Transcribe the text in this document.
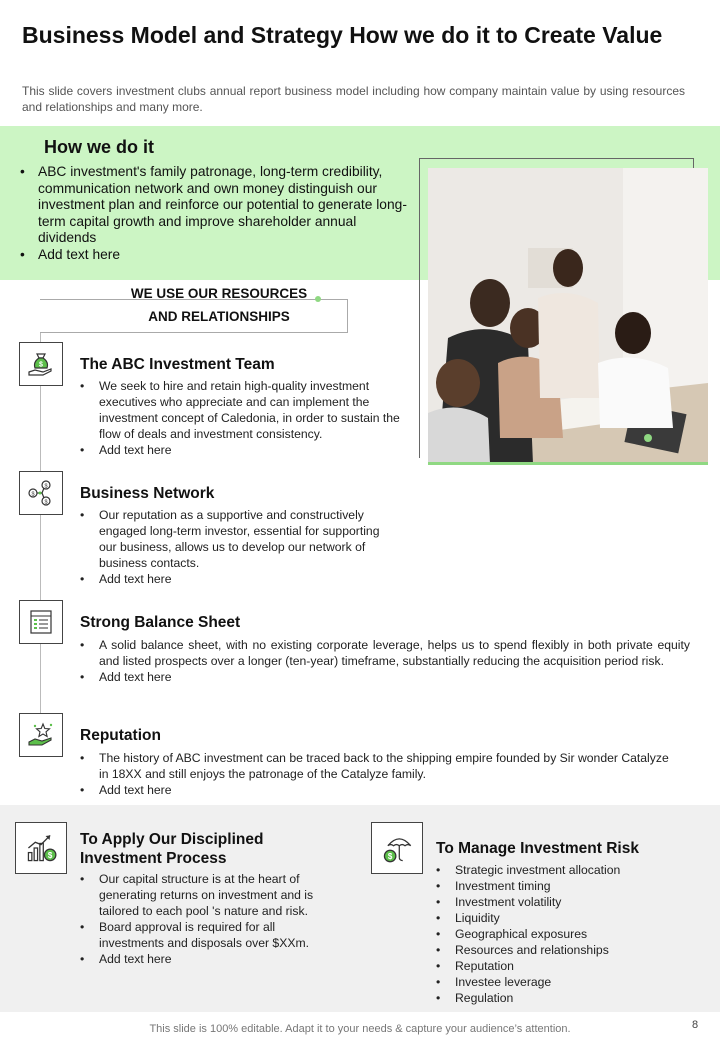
Business Model and Strategy How we do it to Create Value
This slide covers investment clubs annual report business model including how company maintain value by using resources and relationships and many more.
How we do it
• ABC investment's family patronage, long-term credibility, communication network and own money distinguish our investment plan and reinforce our potential to generate long-term capital growth and improve shareholder annual dividends
• Add text here
WE USE OUR RESOURCES
AND RELATIONSHIPS
$ The ABC Investment Team
• We seek to hire and retain high-quality investment executives who appreciate and can implement the investment concept of Caledonia, in order to sustain the flow of deals and investment consistency.
• Add text here
$
$
$
Business Network
• Our reputation as a supportive and constructively engaged long-term investor, essential for supporting our business, allows us to develop our network of business contacts.
• Add text here
Strong Balance Sheet
• A solid balance sheet, with no existing corporate leverage, helps us to spend flexibly in both private equity and listed prospects over a longer (ten-year) timeframe, substantially reducing the acquisition period risk.
• Add text here
Reputation
• The history of ABC investment can be traced back to the shipping empire founded by Sir wonder Catalyze in 18XX and still enjoys the patronage of the Catalyze family.
• Add text here
$
To Apply Our Disciplined
Investment Process
• Our capital structure is at the heart of generating returns on investment and is tailored to each pool 's nature and risk.
• Board approval is required for all investments and disposals over $XXm.
• Add text here
$	To Manage Investment Risk
• Strategic investment allocation
• Investment timing
• Investment volatility
• Liquidity
• Geographical exposures
• Resources and relationships
• Reputation
• Investee leverage
• Regulation
This slide is 100% editable. Adapt it to your needs & capture your audience’s attention.	8
